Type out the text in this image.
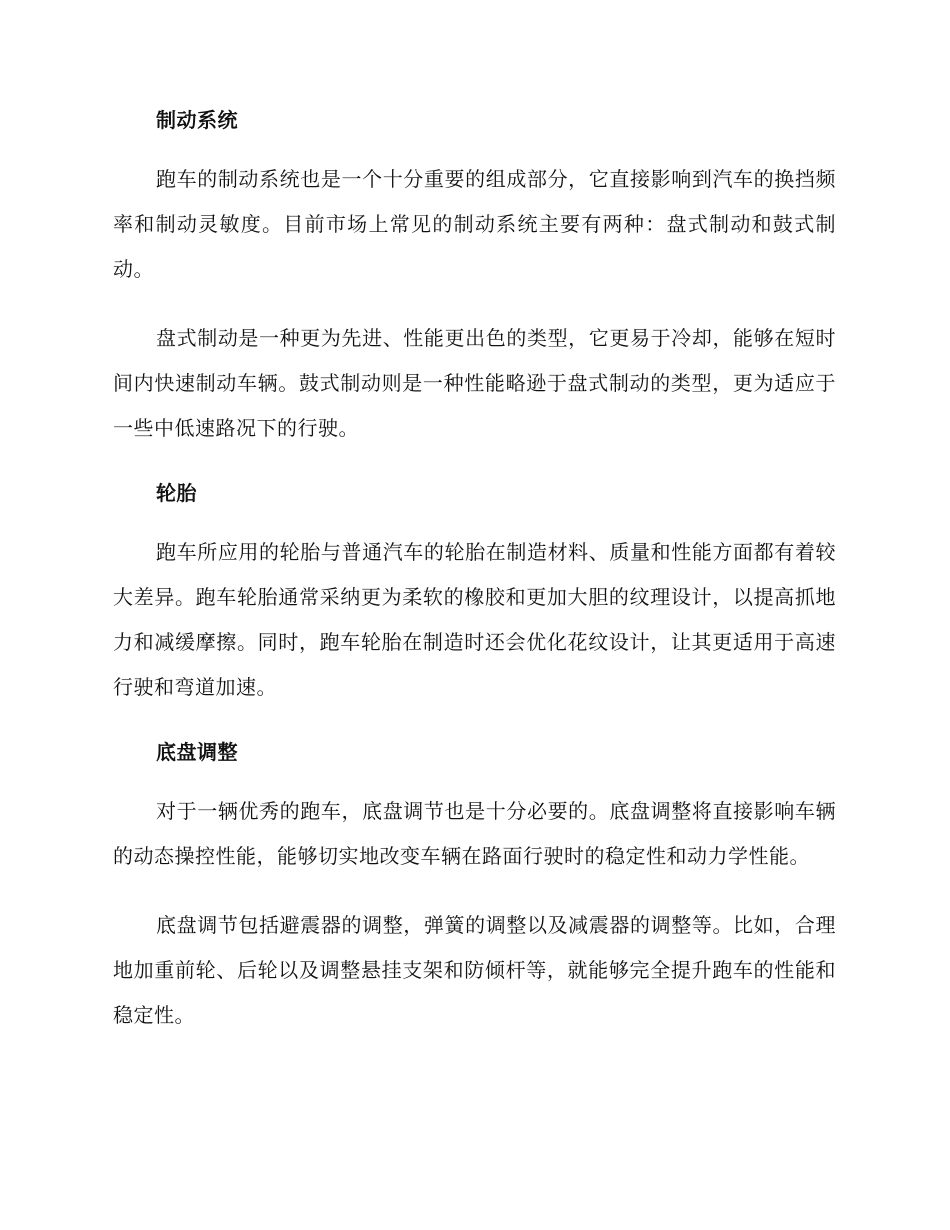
制动系统

跑车的制动系统也是一个十分重要的组成部分，它直接影响到汽车的换挡频率和制动灵敏度。目前市场上常见的制动系统主要有两种：盘式制动和鼓式制动。

盘式制动是一种更为先进、性能更出色的类型，它更易于冷却，能够在短时间内快速制动车辆。鼓式制动则是一种性能略逊于盘式制动的类型，更为适应于一些中低速路况下的行驶。

轮胎

跑车所应用的轮胎与普通汽车的轮胎在制造材料、质量和性能方面都有着较大差异。跑车轮胎通常采纳更为柔软的橡胶和更加大胆的纹理设计，以提高抓地力和减缓摩擦。同时，跑车轮胎在制造时还会优化花纹设计，让其更适用于高速行驶和弯道加速。

底盘调整

对于一辆优秀的跑车，底盘调节也是十分必要的。底盘调整将直接影响车辆的动态操控性能，能够切实地改变车辆在路面行驶时的稳定性和动力学性能。

底盘调节包括避震器的调整，弹簧的调整以及减震器的调整等。比如，合理地加重前轮、后轮以及调整悬挂支架和防倾杆等，就能够完全提升跑车的性能和稳定性。
